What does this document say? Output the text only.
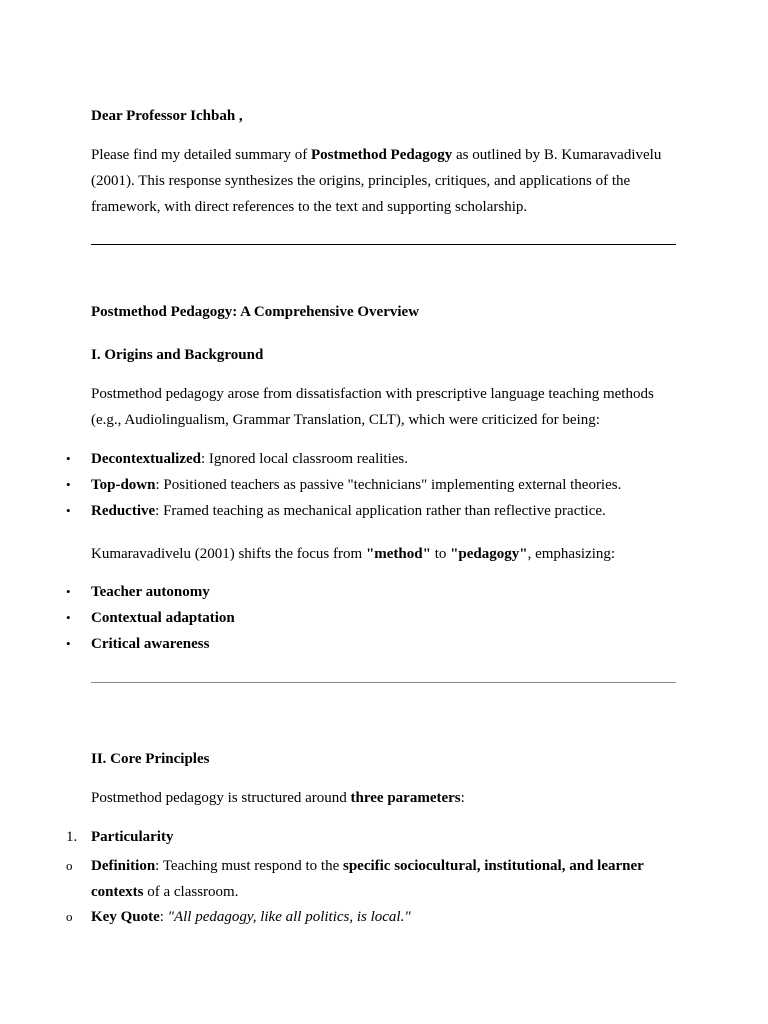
Dear Professor Ichbah ,

Please find my detailed summary of Postmethod Pedagogy as outlined by B. Kumaravadivelu (2001). This response synthesizes the origins, principles, critiques, and applications of the framework, with direct references to the text and supporting scholarship.

Postmethod Pedagogy: A Comprehensive Overview

I. Origins and Background

Postmethod pedagogy arose from dissatisfaction with prescriptive language teaching methods (e.g., Audiolingualism, Grammar Translation, CLT), which were criticized for being:

•	Decontextualized: Ignored local classroom realities.

•	Top-down: Positioned teachers as passive "technicians" implementing external theories.

•	Reductive: Framed teaching as mechanical application rather than reflective practice.

Kumaravadivelu (2001) shifts the focus from "method" to "pedagogy", emphasizing:

•	Teacher autonomy

•	Contextual adaptation

•	Critical awareness

II. Core Principles

Postmethod pedagogy is structured around three parameters:

1. Particularity

o	Definition: Teaching must respond to the specific sociocultural, institutional, and learner contexts of a classroom.

o	Key Quote: "All pedagogy, like all politics, is local."
